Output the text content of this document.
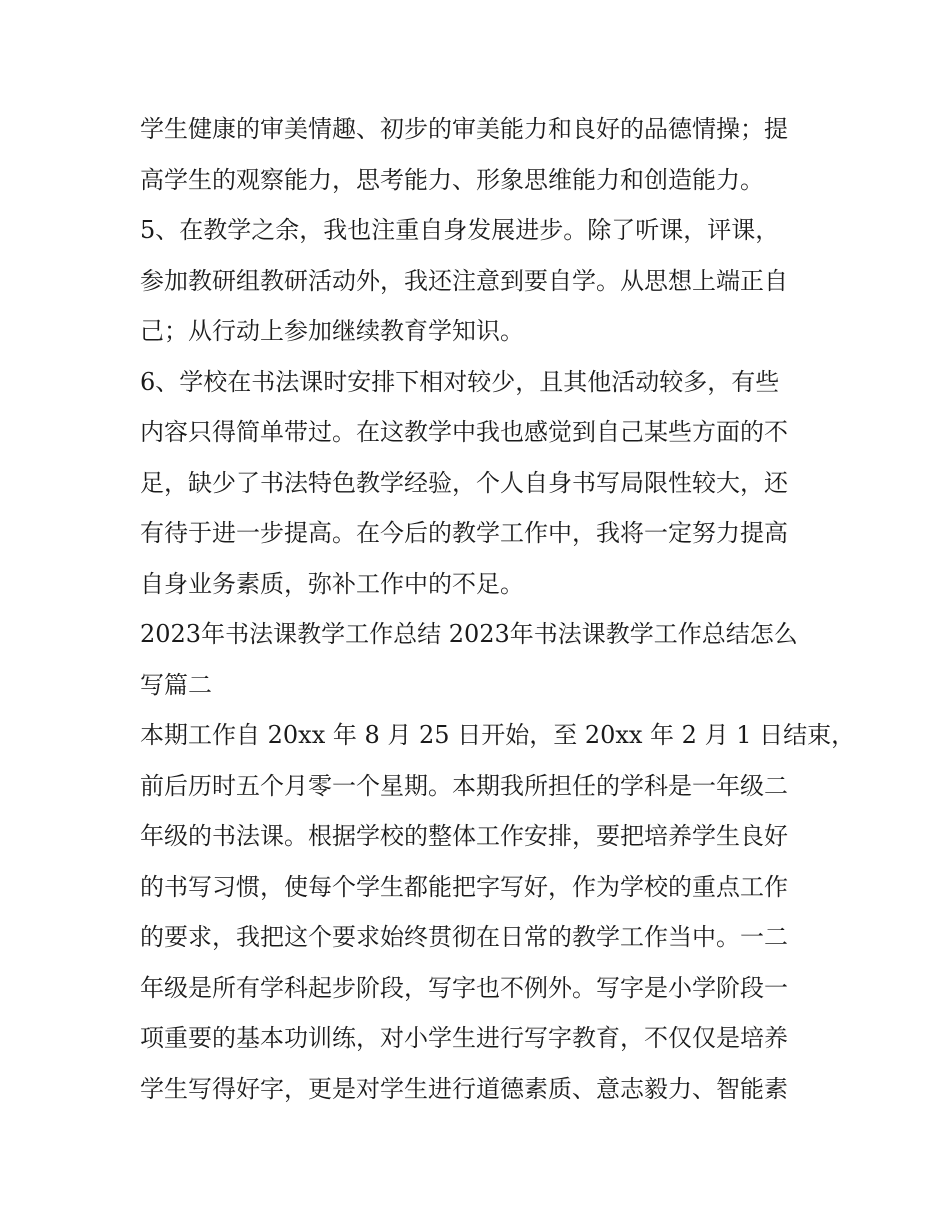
学生健康的审美情趣、初步的审美能力和良好的品德情操；提
高学生的观察能力，思考能力、形象思维能力和创造能力。
5、在教学之余，我也注重自身发展进步。除了听课，评课，
参加教研组教研活动外，我还注意到要自学。从思想上端正自
己；从行动上参加继续教育学知识。
6、学校在书法课时安排下相对较少，且其他活动较多，有些
内容只得简单带过。在这教学中我也感觉到自己某些方面的不
足，缺少了书法特色教学经验，个人自身书写局限性较大，还
有待于进一步提高。在今后的教学工作中，我将一定努力提高
自身业务素质，弥补工作中的不足。
2023年书法课教学工作总结 2023年书法课教学工作总结怎么
写篇二
本期工作自 20xx 年 8 月 25 日开始，至 20xx 年 2 月 1 日结束，
前后历时五个月零一个星期。本期我所担任的学科是一年级二
年级的书法课。根据学校的整体工作安排，要把培养学生良好
的书写习惯，使每个学生都能把字写好，作为学校的重点工作
的要求，我把这个要求始终贯彻在日常的教学工作当中。一二
年级是所有学科起步阶段，写字也不例外。写字是小学阶段一
项重要的基本功训练，对小学生进行写字教育，不仅仅是培养
学生写得好字，更是对学生进行道德素质、意志毅力、智能素
